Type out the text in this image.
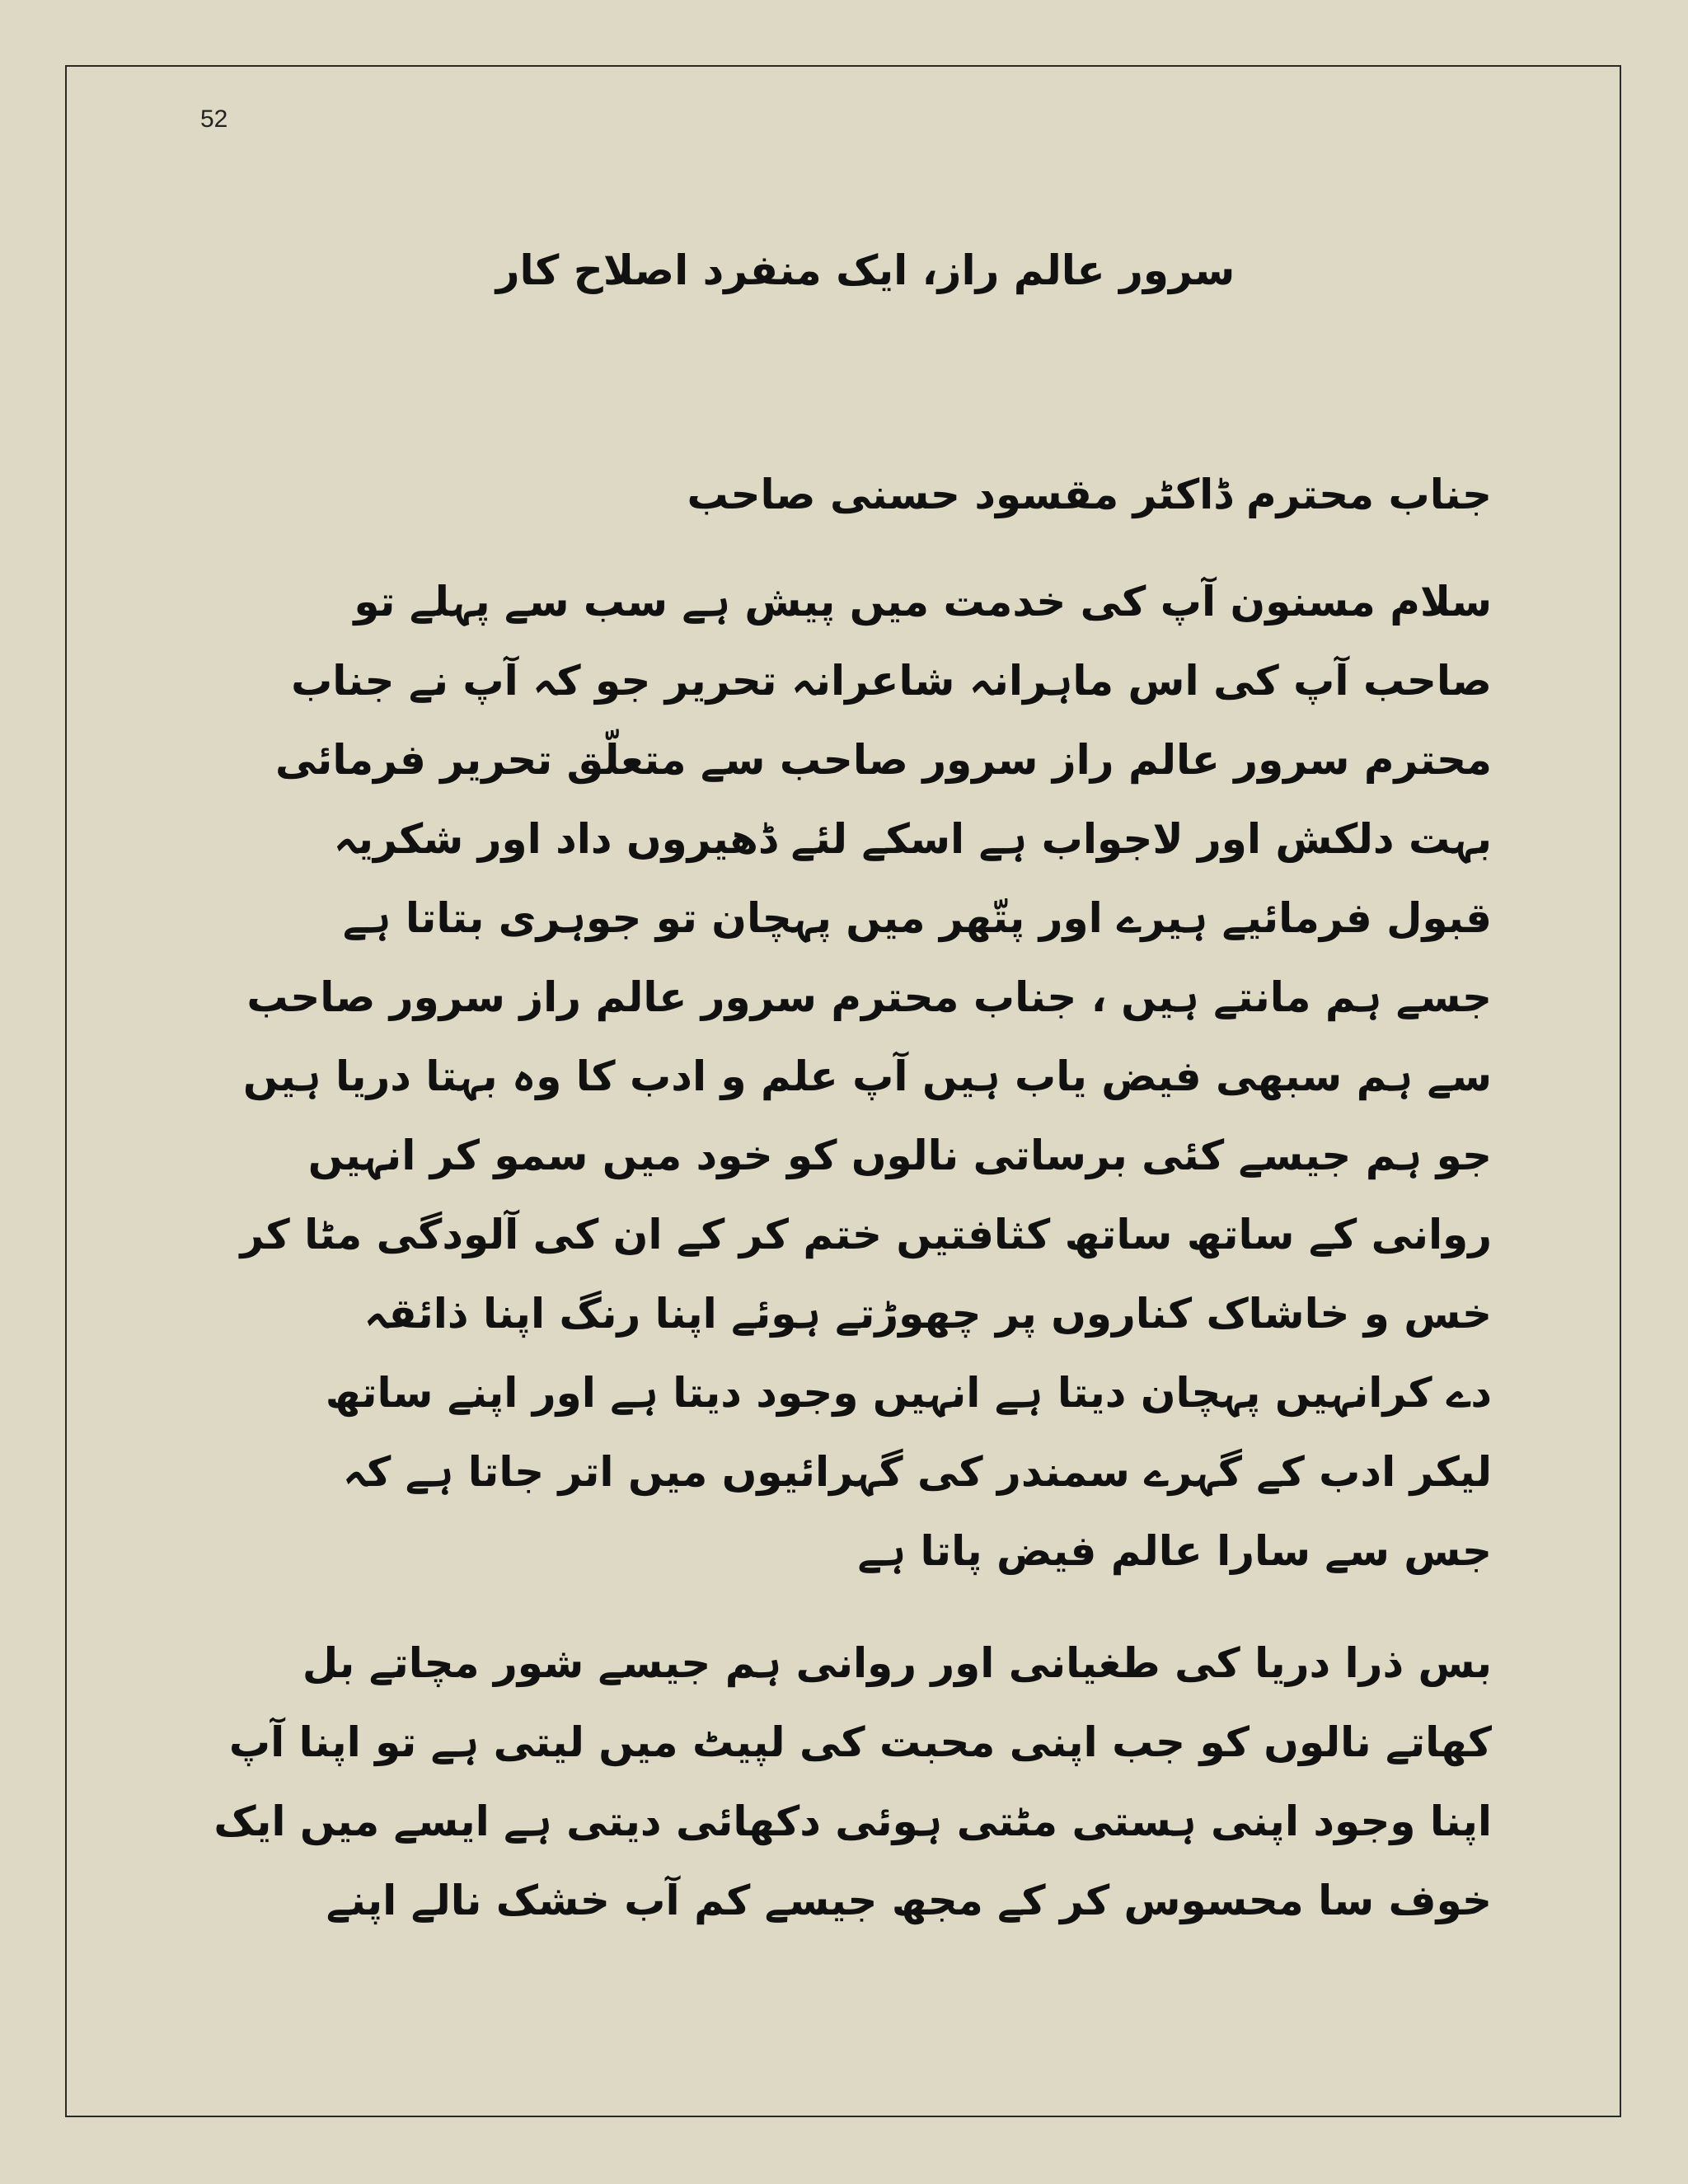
52
سرور عالم راز، ایک منفرد اصلاح کار
جناب محترم ڈاکٹر مقسود حسنی صاحب
سلام مسنون آپ کی خدمت میں پیش ہے سب سے پہلے تو
صاحب آپ کی اس ماہرانہ شاعرانہ تحریر جو کہ آپ نے جناب
محترم سرور عالم راز سرور صاحب سے متعلّق تحریر فرمائی
بہت دلکش اور لاجواب ہے اسکے لئے ڈھیروں داد اور شکریہ
قبول فرمائیے ہیرے اور پتّھر میں پہچان تو جوہری بتاتا ہے
جسے ہم مانتے ہیں ، جناب محترم سرور عالم راز سرور صاحب
سے ہم سبھی فیض یاب ہیں آپ علم و ادب کا وہ بہتا دریا ہیں
جو ہم جیسے کئی برساتی نالوں کو خود میں سمو کر انہیں
روانی کے ساتھ ساتھ کثافتیں ختم کر کے ان کی آلودگی مٹا کر
خس و خاشاک کناروں پر چھوڑتے ہوئے اپنا رنگ اپنا ذائقہ
دے کرانہیں پہچان دیتا ہے انہیں وجود دیتا ہے اور اپنے ساتھ
لیکر ادب کے گہرے سمندر کی گہرائیوں میں اتر جاتا ہے کہ
جس سے سارا عالم فیض پاتا ہے
بس ذرا دریا کی طغیانی اور روانی ہم جیسے شور مچاتے بل
کھاتے نالوں کو جب اپنی محبت کی لپیٹ میں لیتی ہے تو اپنا آپ
اپنا وجود اپنی ہستی مٹتی ہوئی دکھائی دیتی ہے ایسے میں ایک
خوف سا محسوس کر کے مجھ جیسے کم آب خشک نالے اپنے
